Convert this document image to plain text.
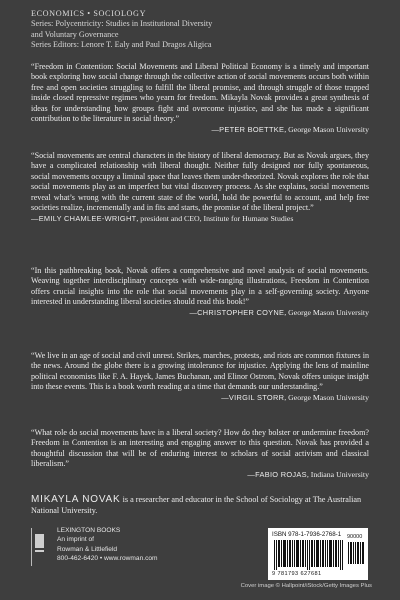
ECONOMICS • SOCIOLOGY
Series: Polycentricity: Studies in Institutional Diversity
and Voluntary Governance
Series Editors: Lenore T. Ealy and Paul Dragos Aligica

“Freedom in Contention: Social Movements and Liberal Political Economy is a timely and important book exploring how social change through the collective action of social movements occurs both within free and open societies struggling to fulfill the liberal promise, and through struggle of those trapped inside closed repressive regimes who yearn for freedom. Mikayla Novak provides a great synthesis of ideas for understanding how groups fight and overcome injustice, and she has made a significant contribution to the literature in social theory.”

—PETER BOETTKE, George Mason University

“Social movements are central characters in the history of liberal democracy. But as Novak argues, they have a complicated relationship with liberal thought. Neither fully designed nor fully spontaneous, social movements occupy a liminal space that leaves them under-theorized. Novak explores the role that social movements play as an imperfect but vital discovery process. As she explains, social movements reveal what’s wrong with the current state of the world, hold the powerful to account, and help free societies realize, incrementally and in fits and starts, the promise of the liberal project.”

—EMILY CHAMLEE-WRIGHT, president and CEO, Institute for Humane Studies

“In this pathbreaking book, Novak offers a comprehensive and novel analysis of social movements. Weaving together interdisciplinary concepts with wide-ranging illustrations, Freedom in Contention offers crucial insights into the role that social movements play in a self-governing society. Anyone interested in understanding liberal societies should read this book!”

—CHRISTOPHER COYNE, George Mason University

“We live in an age of social and civil unrest. Strikes, marches, protests, and riots are common fixtures in the news. Around the globe there is a growing intolerance for injustice. Applying the lens of mainline political economists like F. A. Hayek, James Buchanan, and Elinor Ostrom, Novak offers unique insight into these events. This is a book worth reading at a time that demands our understanding.”

—VIRGIL STORR, George Mason University

“What role do social movements have in a liberal society? How do they bolster or undermine freedom? Freedom in Contention is an interesting and engaging answer to this question. Novak has provided a thoughtful discussion that will be of enduring interest to scholars of social activism and classical liberalism.”

—FABIO ROJAS, Indiana University
MIKAYLA NOVAK is a researcher and educator in the School of Sociology at The Australian National University.
LEXINGTON BOOKS
An imprint of
Rowman & Littlefield
800-462-6420 • www.rowman.com
ISBN 978-1-7936-2768-1 90000
9 781793 627681
Cover image © Hallpoint/iStock/Getty Images Plus
